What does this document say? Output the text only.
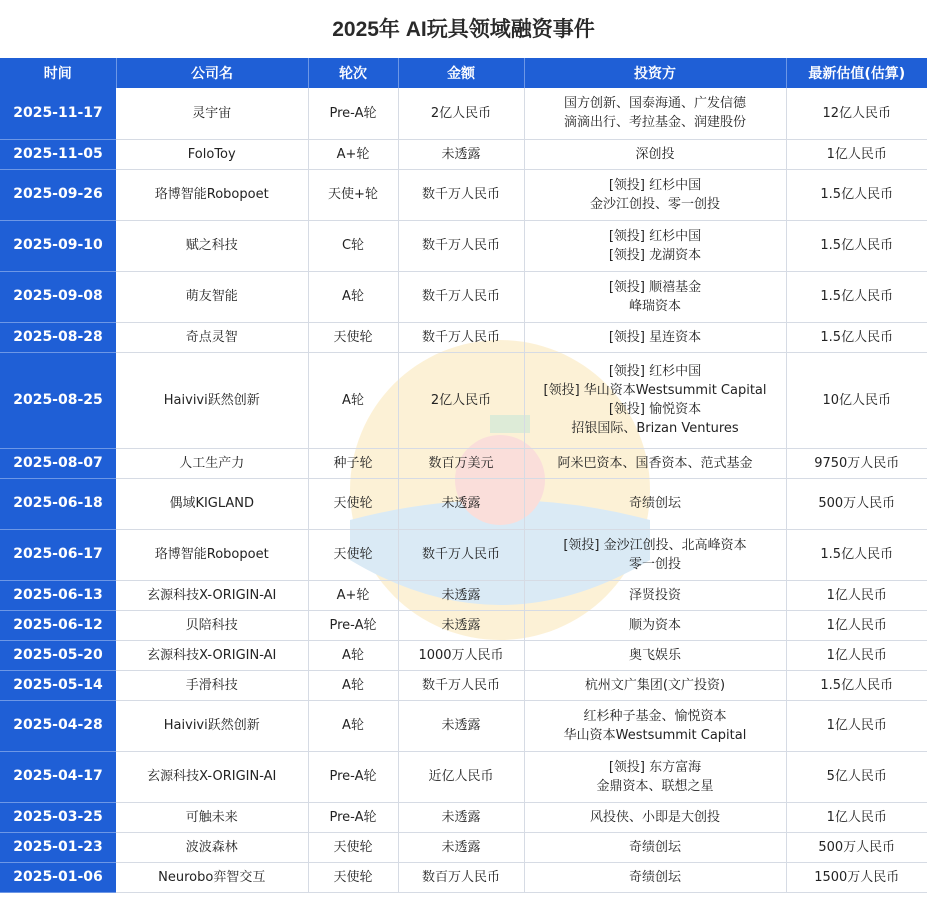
2025年 AI玩具领域融资事件
时间	公司名	轮次	金额	投资方	最新估值(估算)
2025-11-17	灵宇宙	Pre-A轮	2亿人民币	国方创新、国泰海通、广发信德
滴滴出行、考拉基金、润建股份	12亿人民币
2025-11-05	FoloToy	A+轮	未透露	深创投	1亿人民币
2025-09-26	珞博智能Robopoet	天使+轮	数千万人民币	[领投] 红杉中国
金沙江创投、零一创投	1.5亿人民币
2025-09-10	赋之科技	C轮	数千万人民币	[领投] 红杉中国
[领投] 龙湖资本	1.5亿人民币
2025-09-08	萌友智能	A轮	数千万人民币	[领投] 顺禧基金
峰瑞资本	1.5亿人民币
2025-08-28	奇点灵智	天使轮	数千万人民币	[领投] 星连资本	1.5亿人民币
2025-08-25	Haivivi跃然创新	A轮	2亿人民币	[领投] 红杉中国
[领投] 华山资本Westsummit Capital
[领投] 愉悦资本
招银国际、Brizan Ventures	10亿人民币
2025-08-07	人工生产力	种子轮	数百万美元	阿米巴资本、国香资本、范式基金	9750万人民币
2025-06-18	偶域KIGLAND	天使轮	未透露	奇绩创坛	500万人民币
2025-06-17	珞博智能Robopoet	天使轮	数千万人民币	[领投] 金沙江创投、北高峰资本
零一创投	1.5亿人民币
2025-06-13	玄源科技X-ORIGIN-AI	A+轮	未透露	泽贤投资	1亿人民币
2025-06-12	贝陪科技	Pre-A轮	未透露	顺为资本	1亿人民币
2025-05-20	玄源科技X-ORIGIN-AI	A轮	1000万人民币	奥飞娱乐	1亿人民币
2025-05-14	手滑科技	A轮	数千万人民币	杭州文广集团(文广投资)	1.5亿人民币
2025-04-28	Haivivi跃然创新	A轮	未透露	红杉种子基金、愉悦资本
华山资本Westsummit Capital	1亿人民币
2025-04-17	玄源科技X-ORIGIN-AI	Pre-A轮	近亿人民币	[领投] 东方富海
金鼎资本、联想之星	5亿人民币
2025-03-25	可触未来	Pre-A轮	未透露	风投侠、小即是大创投	1亿人民币
2025-01-23	波波森林	天使轮	未透露	奇绩创坛	500万人民币
2025-01-06	Neurobo弈智交互	天使轮	数百万人民币	奇绩创坛	1500万人民币
